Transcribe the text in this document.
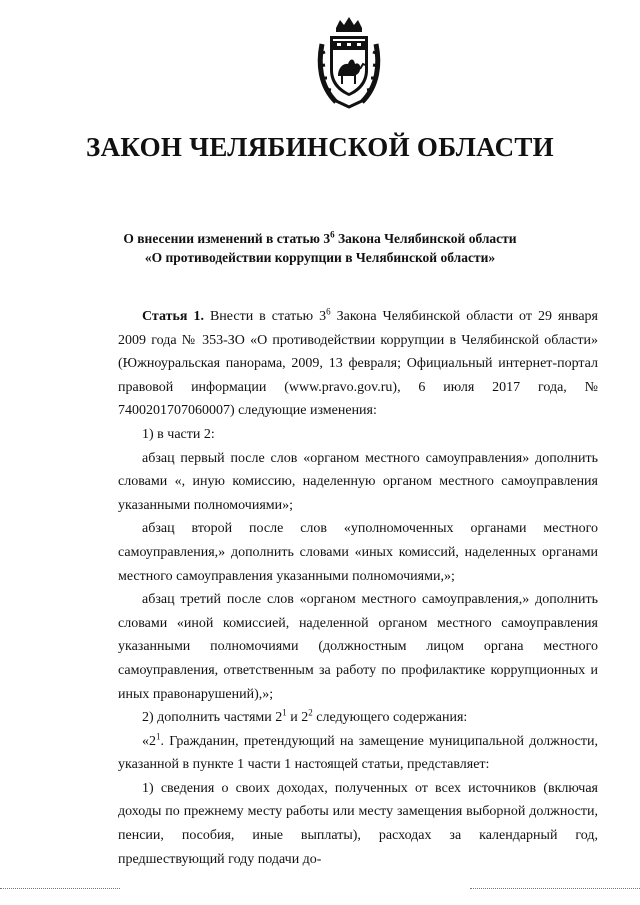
ЗАКОН ЧЕЛЯБИНСКОЙ ОБЛАСТИ
О внесении изменений в статью $3^6$ Закона Челябинской области
«О противодействии коррупции в Челябинской области»

Статья 1. Внести в статью $3^6$ Закона Челябинской области от 29 января 2009 года № 353-ЗО «О противодействии коррупции в Челябинской области» (Южноуральская панорама, 2009, 13 февраля; Официальный интернет-портал правовой информации (www.pravo.gov.ru), 6 июля 2017 года, № 7400201707060007) следующие изменения:

1) в части 2:

абзац первый после слов «органом местного самоуправления» дополнить словами «, иную комиссию, наделенную органом местного самоуправления указанными полномочиями»;

абзац второй после слов «уполномоченных органами местного самоуправления,» дополнить словами «иных комиссий, наделенных органами местного самоуправления указанными полномочиями,»;

абзац третий после слов «органом местного самоуправления,» дополнить словами «иной комиссией, наделенной органом местного самоуправления указанными полномочиями (должностным лицом органа местного самоуправления, ответственным за работу по профилактике коррупционных и иных правонарушений),»;

2) дополнить частями $2^1$ и $2^2$ следующего содержания:

«$2^1$. Гражданин, претендующий на замещение муниципальной должности, указанной в пункте 1 части 1 настоящей статьи, представляет:

1) сведения о своих доходах, полученных от всех источников (включая доходы по прежнему месту работы или месту замещения выборной должности, пенсии, пособия, иные выплаты), расходах за календарный год, предшествующий году подачи до-
